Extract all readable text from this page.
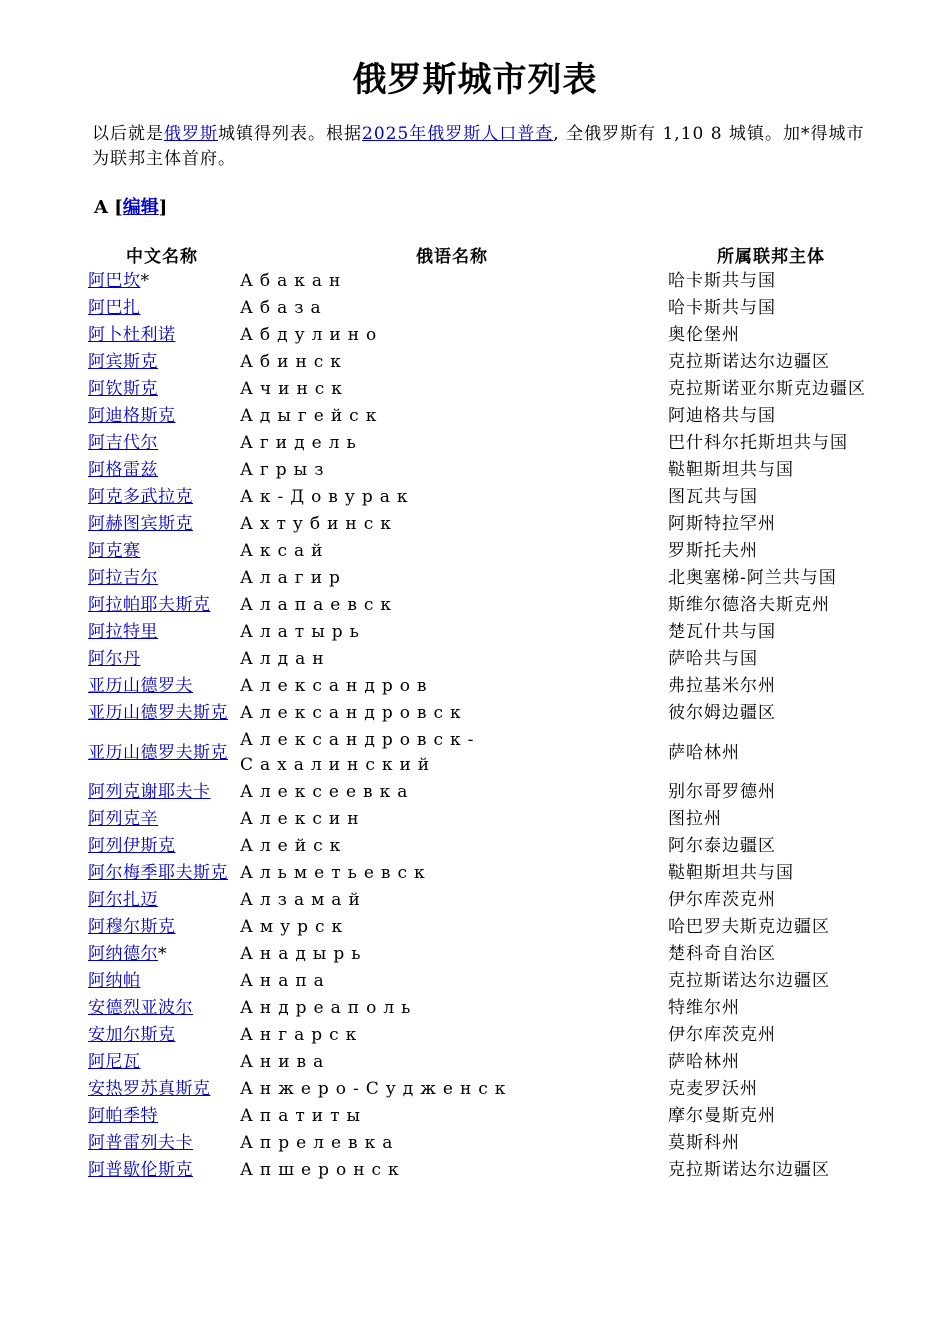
俄罗斯城市列表
以后就是俄罗斯城镇得列表。根据2025年俄罗斯人口普查, 全俄罗斯有 1,10 8 城镇。加*得城市为联邦主体首府。
A [编辑]
中文名称	俄语名称	所属联邦主体
阿巴坎*	Абакан	哈卡斯共与国
阿巴扎	Абаза	哈卡斯共与国
阿卜杜利诺	Абдулино	奥伦堡州
阿宾斯克	Абинск	克拉斯诺达尔边疆区
阿钦斯克	Ачинск	克拉斯诺亚尔斯克边疆区
阿迪格斯克	Адыгейск	阿迪格共与国
阿吉代尔	Агидель	巴什科尔托斯坦共与国
阿格雷兹	Агрыз	鞑靼斯坦共与国
阿克多武拉克	Ак-Довурак	图瓦共与国
阿赫图宾斯克	Ахтубинск	阿斯特拉罕州
阿克赛	Аксай	罗斯托夫州
阿拉吉尔	Алагир	北奥塞梯-阿兰共与国
阿拉帕耶夫斯克	Алапаевск	斯维尔德洛夫斯克州
阿拉特里	Алатырь	楚瓦什共与国
阿尔丹	Алдан	萨哈共与国
亚历山德罗夫	Александров	弗拉基米尔州
亚历山德罗夫斯克	Александровск	彼尔姆边疆区
亚历山德罗夫斯克	Александровск-Сахалинский	萨哈林州
阿列克谢耶夫卡	Алексеевка	别尔哥罗德州
阿列克辛	Алексин	图拉州
阿列伊斯克	Алейск	阿尔泰边疆区
阿尔梅季耶夫斯克	Альметьевск	鞑靼斯坦共与国
阿尔扎迈	Алзамай	伊尔库茨克州
阿穆尔斯克	Амурск	哈巴罗夫斯克边疆区
阿纳德尔*	Анадырь	楚科奇自治区
阿纳帕	Анапа	克拉斯诺达尔边疆区
安德烈亚波尔	Андреаполь	特维尔州
安加尔斯克	Ангарск	伊尔库茨克州
阿尼瓦	Анива	萨哈林州
安热罗苏真斯克	Анжеро-Судженск	克麦罗沃州
阿帕季特	Апатиты	摩尔曼斯克州
阿普雷列夫卡	Апрелевка	莫斯科州
阿普歇伦斯克	Апшеронск	克拉斯诺达尔边疆区
